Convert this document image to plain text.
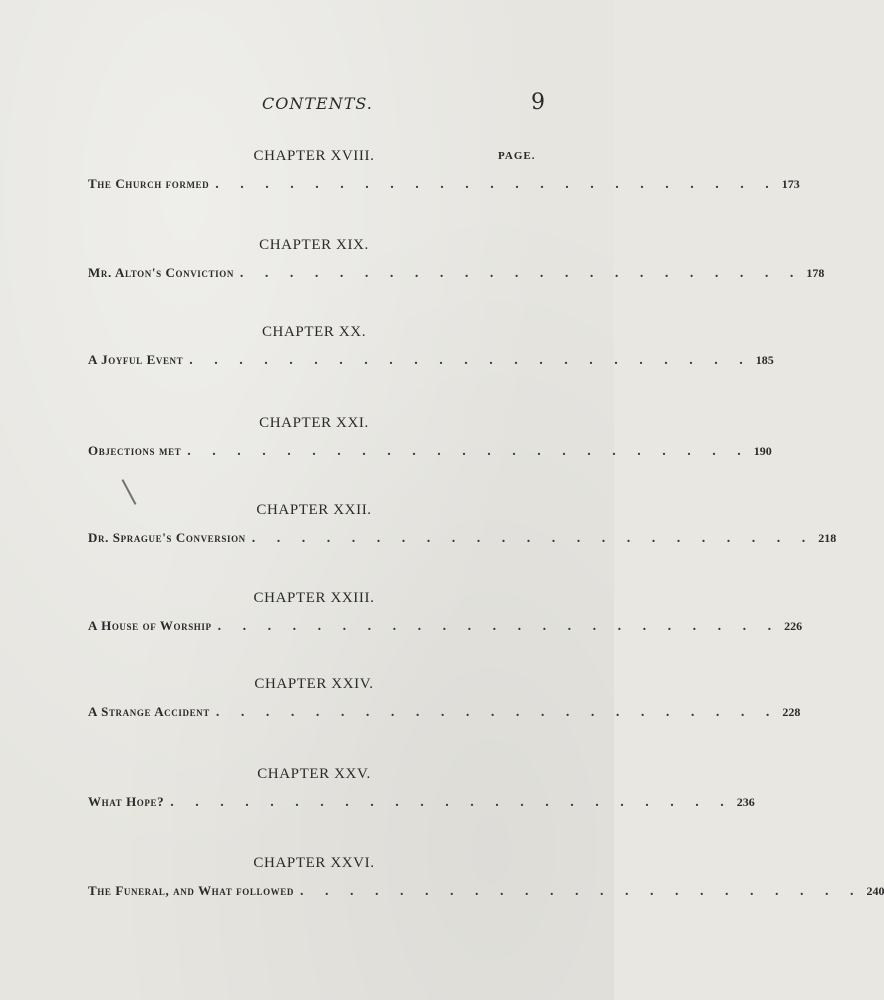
CONTENTS.	9
CHAPTER XVIII.	PAGE.
The Church formed . . . . . . . . . . . . . . . . . . . . . . . 173
CHAPTER XIX.
Mr. Alton's Conviction . . . . . . . . . . . . . . . . . . . . . . . 178
CHAPTER XX.
A Joyful Event . . . . . . . . . . . . . . . . . . . . . . . 185
CHAPTER XXI.
Objections met . . . . . . . . . . . . . . . . . . . . . . . 190
CHAPTER XXII.
Dr. Sprague's Conversion . . . . . . . . . . . . . . . . . . . . . . . 218
CHAPTER XXIII.
A House of Worship . . . . . . . . . . . . . . . . . . . . . . . 226
CHAPTER XXIV.
A Strange Accident . . . . . . . . . . . . . . . . . . . . . . . 228
CHAPTER XXV.
What Hope? . . . . . . . . . . . . . . . . . . . . . . . 236
CHAPTER XXVI.
The Funeral, and What followed . . . . . . . . . . . . . . . . . . . . . . . 240
